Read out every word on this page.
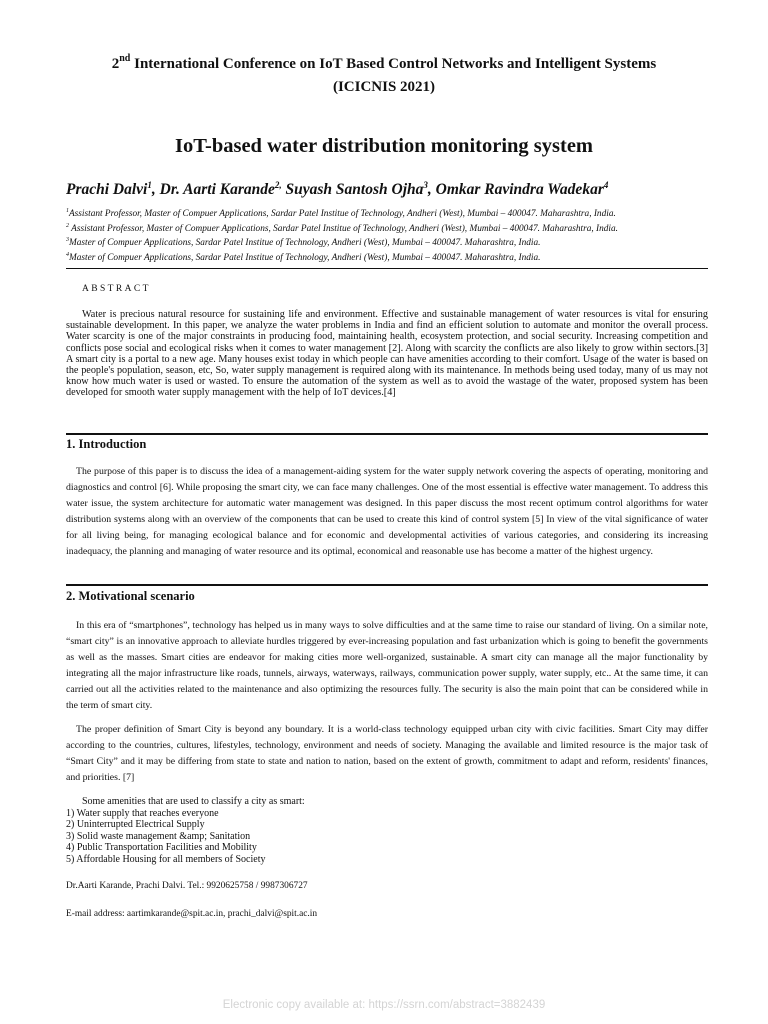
2nd International Conference on IoT Based Control Networks and Intelligent Systems
(ICICNIS 2021)
IoT-based water distribution monitoring system
Prachi Dalvi$^1$, Dr. Aarti Karande$^{2,}$ Suyash Santosh Ojha$^3$, Omkar Ravindra Wadekar$^4$
$^1$Assistant Professor, Master of Compuer Applications, Sardar Patel Institue of Technology, Andheri (West), Mumbai – 400047. Maharashtra, India.
$^2$ Assistant Professor, Master of Compuer Applications, Sardar Patel Institue of Technology, Andheri (West), Mumbai – 400047. Maharashtra, India.
$^3$Master of Compuer Applications, Sardar Patel Institue of Technology, Andheri (West), Mumbai – 400047. Maharashtra, India.
$^4$Master of Compuer Applications, Sardar Patel Institue of Technology, Andheri (West), Mumbai – 400047. Maharashtra, India.
ABSTRACT

Water is precious natural resource for sustaining life and environment. Effective and sustainable management of water resources is vital for ensuring sustainable development. In this paper, we analyze the water problems in India and find an efficient solution to automate and monitor the overall process. Water scarcity is one of the major constraints in producing food, maintaining health, ecosystem protection, and social security. Increasing competition and conflicts pose social and ecological risks when it comes to water management [2]. Along with scarcity the conflicts are also likely to grow within sectors.[3] A smart city is a portal to a new age. Many houses exist today in which people can have amenities according to their comfort. Usage of the water is based on the people's population, season, etc, So, water supply management is required along with its maintenance. In methods being used today, many of us may not know how much water is used or wasted. To ensure the automation of the system as well as to avoid the wastage of the water, proposed system has been developed for smooth water supply management with the help of IoT devices.[4]

1. Introduction

The purpose of this paper is to discuss the idea of a management-aiding system for the water supply network covering the aspects of operating, monitoring and diagnostics and control [6]. While proposing the smart city, we can face many challenges. One of the most essential is effective water management. To address this water issue, the system architecture for automatic water management was designed. In this paper discuss the most recent optimum control algorithms for water distribution systems along with an overview of the components that can be used to create this kind of control system [5] In view of the vital significance of water for all living being, for managing ecological balance and for economic and developmental activities of various categories, and considering its increasing inadequacy, the planning and managing of water resource and its optimal, economical and reasonable use has become a matter of the highest urgency.

2. Motivational scenario

In this era of “smartphones”, technology has helped us in many ways to solve difficulties and at the same time to raise our standard of living. On a similar note, “smart city” is an innovative approach to alleviate hurdles triggered by ever-increasing population and fast urbanization which is going to benefit the governments as well as the masses. Smart cities are endeavor for making cities more well-organized, sustainable. A smart city can manage all the major functionality by integrating all the major infrastructure like roads, tunnels, airways, waterways, railways, communication power supply, water supply, etc.. At the same time, it can carried out all the activities related to the maintenance and also optimizing the resources fully. The security is also the main point that can be considered while in the term of smart city.

The proper definition of Smart City is beyond any boundary. It is a world-class technology equipped urban city with civic facilities. Smart City may differ according to the countries, cultures, lifestyles, technology, environment and needs of society. Managing the available and limited resource is the major task of “Smart City” and it may be differing from state to state and nation to nation, based on the extent of growth, commitment to adapt and reform, residents' finances, and priorities. [7]

Some amenities that are used to classify a city as smart:
1) Water supply that reaches everyone
2) Uninterrupted Electrical Supply
3) Solid waste management &amp; Sanitation
4) Public Transportation Facilities and Mobility
5) Affordable Housing for all members of Society
Dr.Aarti Karande, Prachi Dalvi. Tel.: 9920625758 / 9987306727
E-mail address: aartimkarande@spit.ac.in, prachi_dalvi@spit.ac.in
Electronic copy available at: https://ssrn.com/abstract=3882439
